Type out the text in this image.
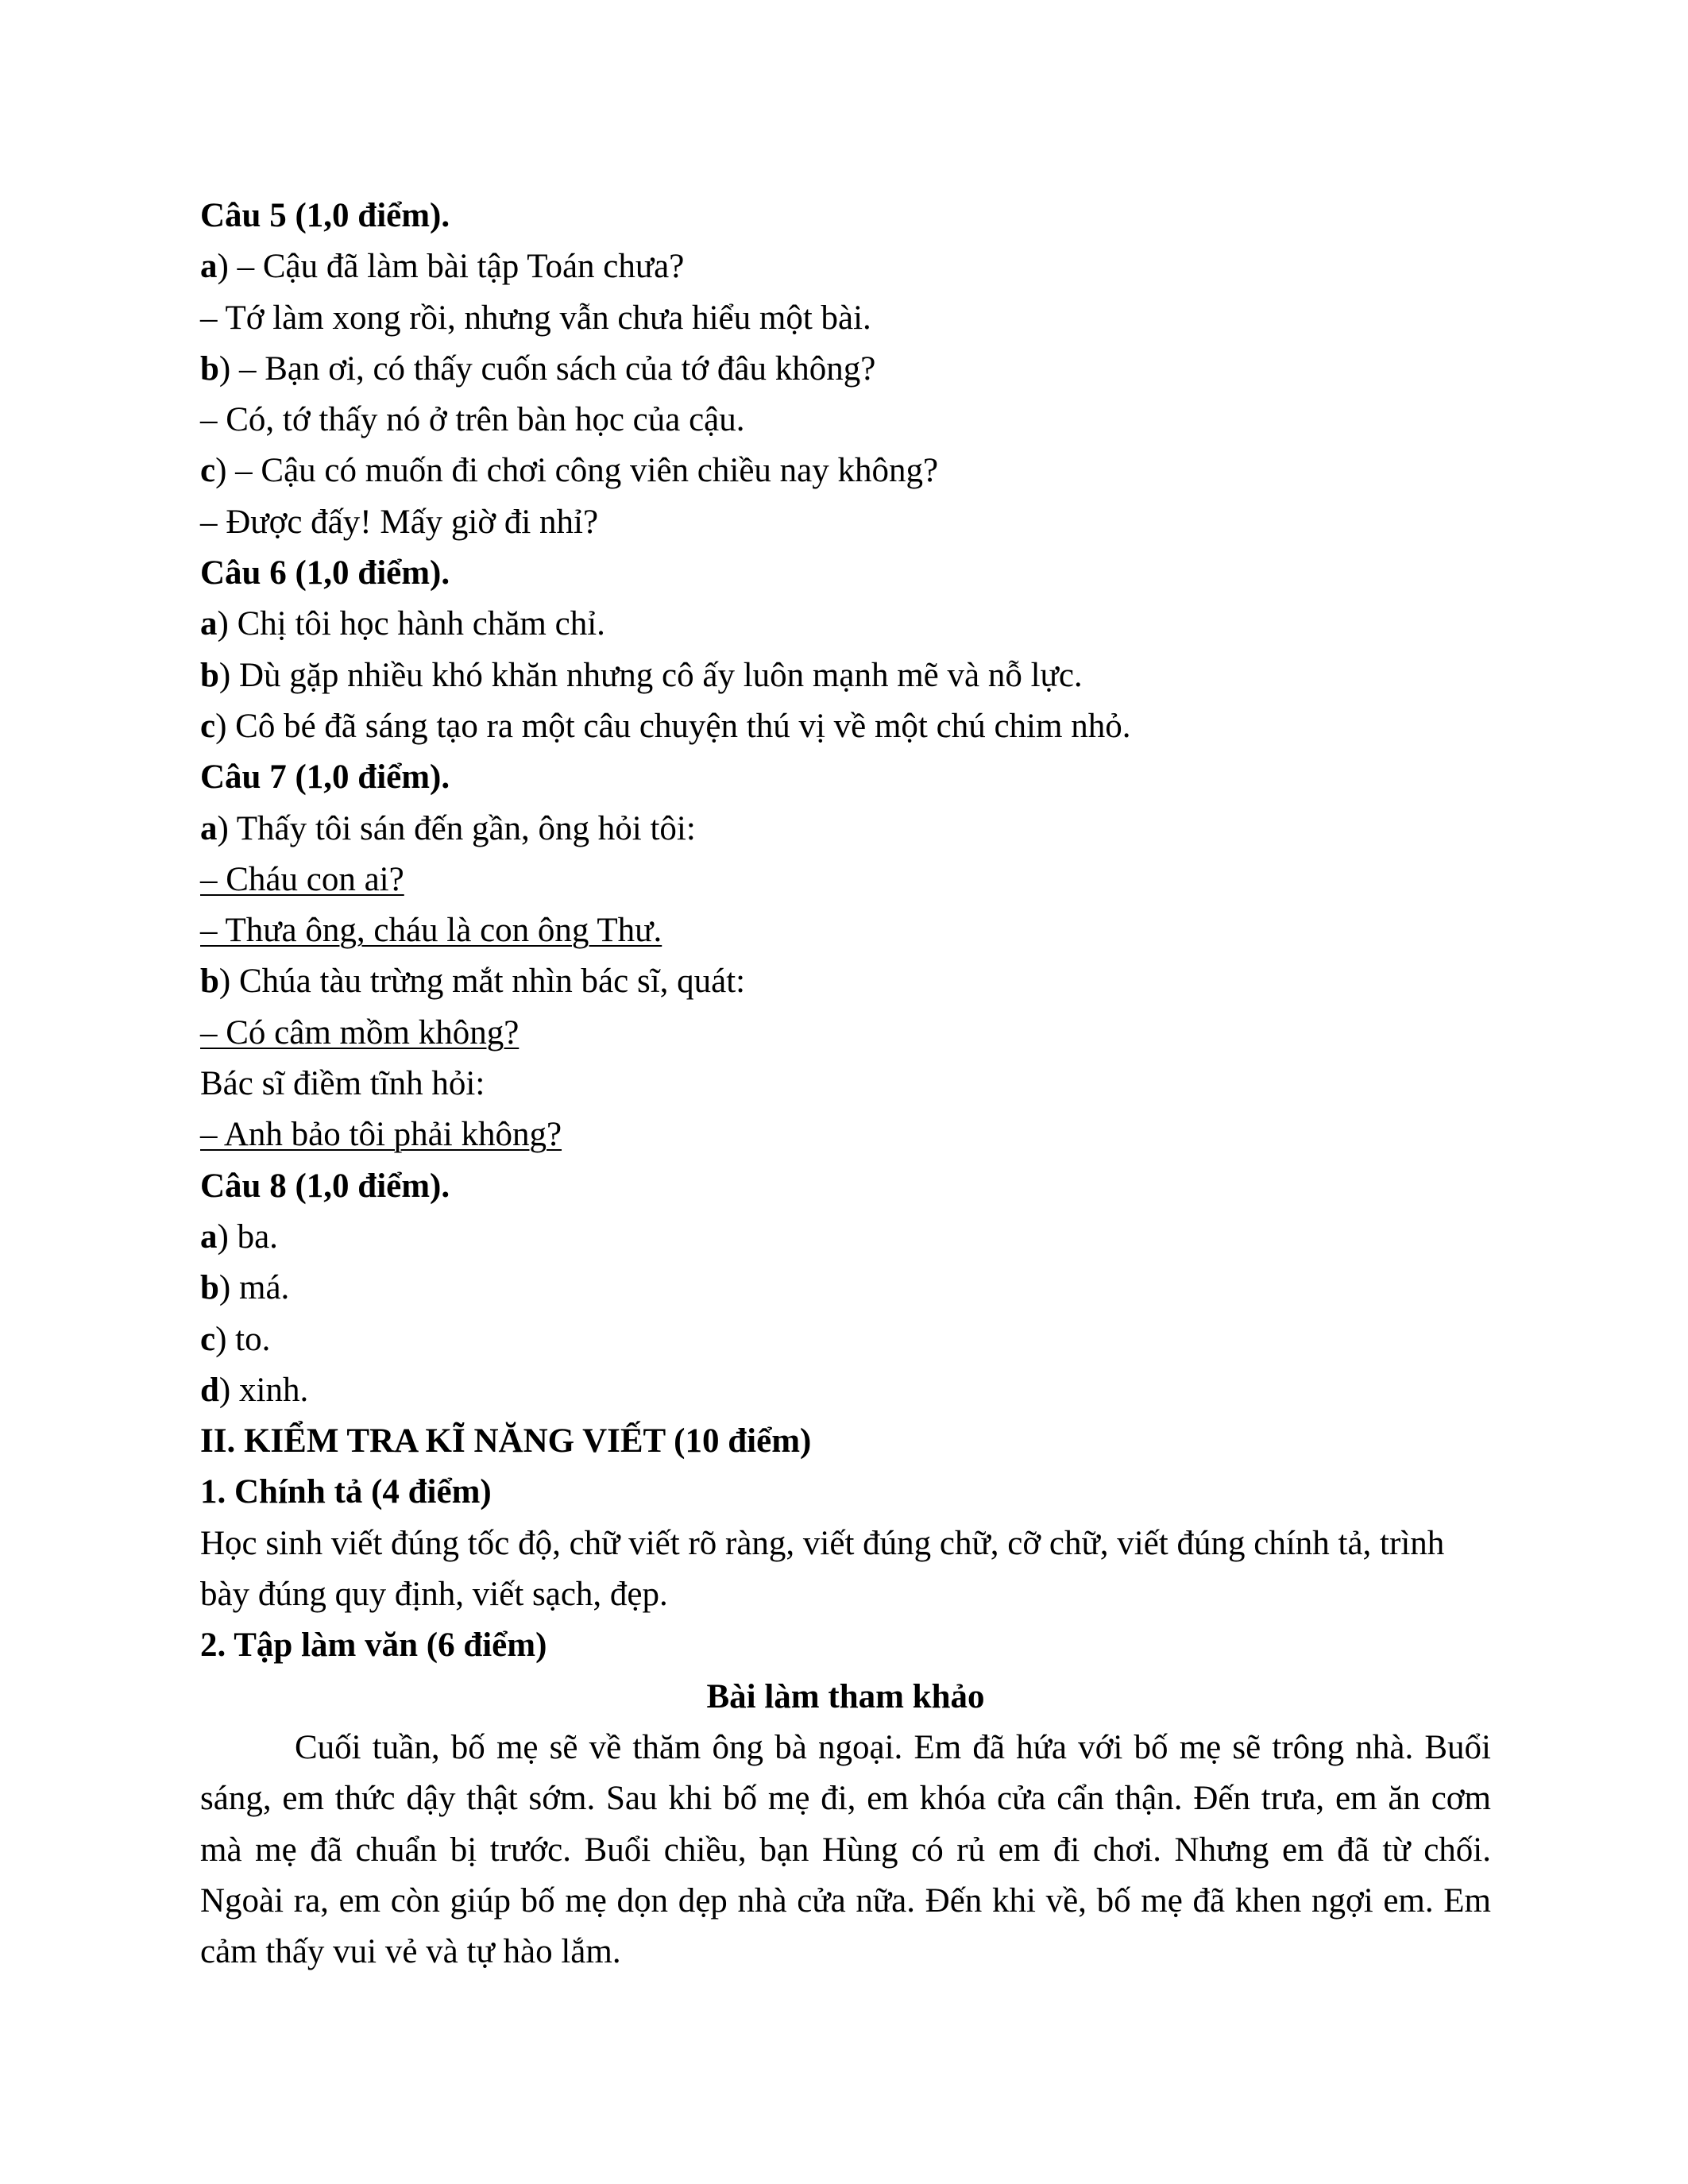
Câu 5 (1,0 điểm).
a) – Cậu đã làm bài tập Toán chưa?
– Tớ làm xong rồi, nhưng vẫn chưa hiểu một bài.
b) – Bạn ơi, có thấy cuốn sách của tớ đâu không?
– Có, tớ thấy nó ở trên bàn học của cậu.
c) – Cậu có muốn đi chơi công viên chiều nay không?
– Được đấy! Mấy giờ đi nhỉ?
Câu 6 (1,0 điểm).
a) Chị tôi học hành chăm chỉ.
b) Dù gặp nhiều khó khăn nhưng cô ấy luôn mạnh mẽ và nỗ lực.
c) Cô bé đã sáng tạo ra một câu chuyện thú vị về một chú chim nhỏ.
Câu 7 (1,0 điểm).
a) Thấy tôi sán đến gần, ông hỏi tôi:
– Cháu con ai?
– Thưa ông, cháu là con ông Thư.
b) Chúa tàu trừng mắt nhìn bác sĩ, quát:
– Có câm mồm không?
Bác sĩ điềm tĩnh hỏi:
– Anh bảo tôi phải không?
Câu 8 (1,0 điểm).
a) ba.
b) má.
c) to.
d) xinh.
II. KIỂM TRA KĨ NĂNG VIẾT (10 điểm)
1. Chính tả (4 điểm)

Học sinh viết đúng tốc độ, chữ viết rõ ràng, viết đúng chữ, cỡ chữ, viết đúng chính tả, trình bày đúng quy định, viết sạch, đẹp.

2. Tập làm văn (6 điểm)
Bài làm tham khảo

Cuối tuần, bố mẹ sẽ về thăm ông bà ngoại. Em đã hứa với bố mẹ sẽ trông nhà. Buổi sáng, em thức dậy thật sớm. Sau khi bố mẹ đi, em khóa cửa cẩn thận. Đến trưa, em ăn cơm mà mẹ đã chuẩn bị trước. Buổi chiều, bạn Hùng có rủ em đi chơi. Nhưng em đã từ chối. Ngoài ra, em còn giúp bố mẹ dọn dẹp nhà cửa nữa. Đến khi về, bố mẹ đã khen ngợi em. Em cảm thấy vui vẻ và tự hào lắm.
